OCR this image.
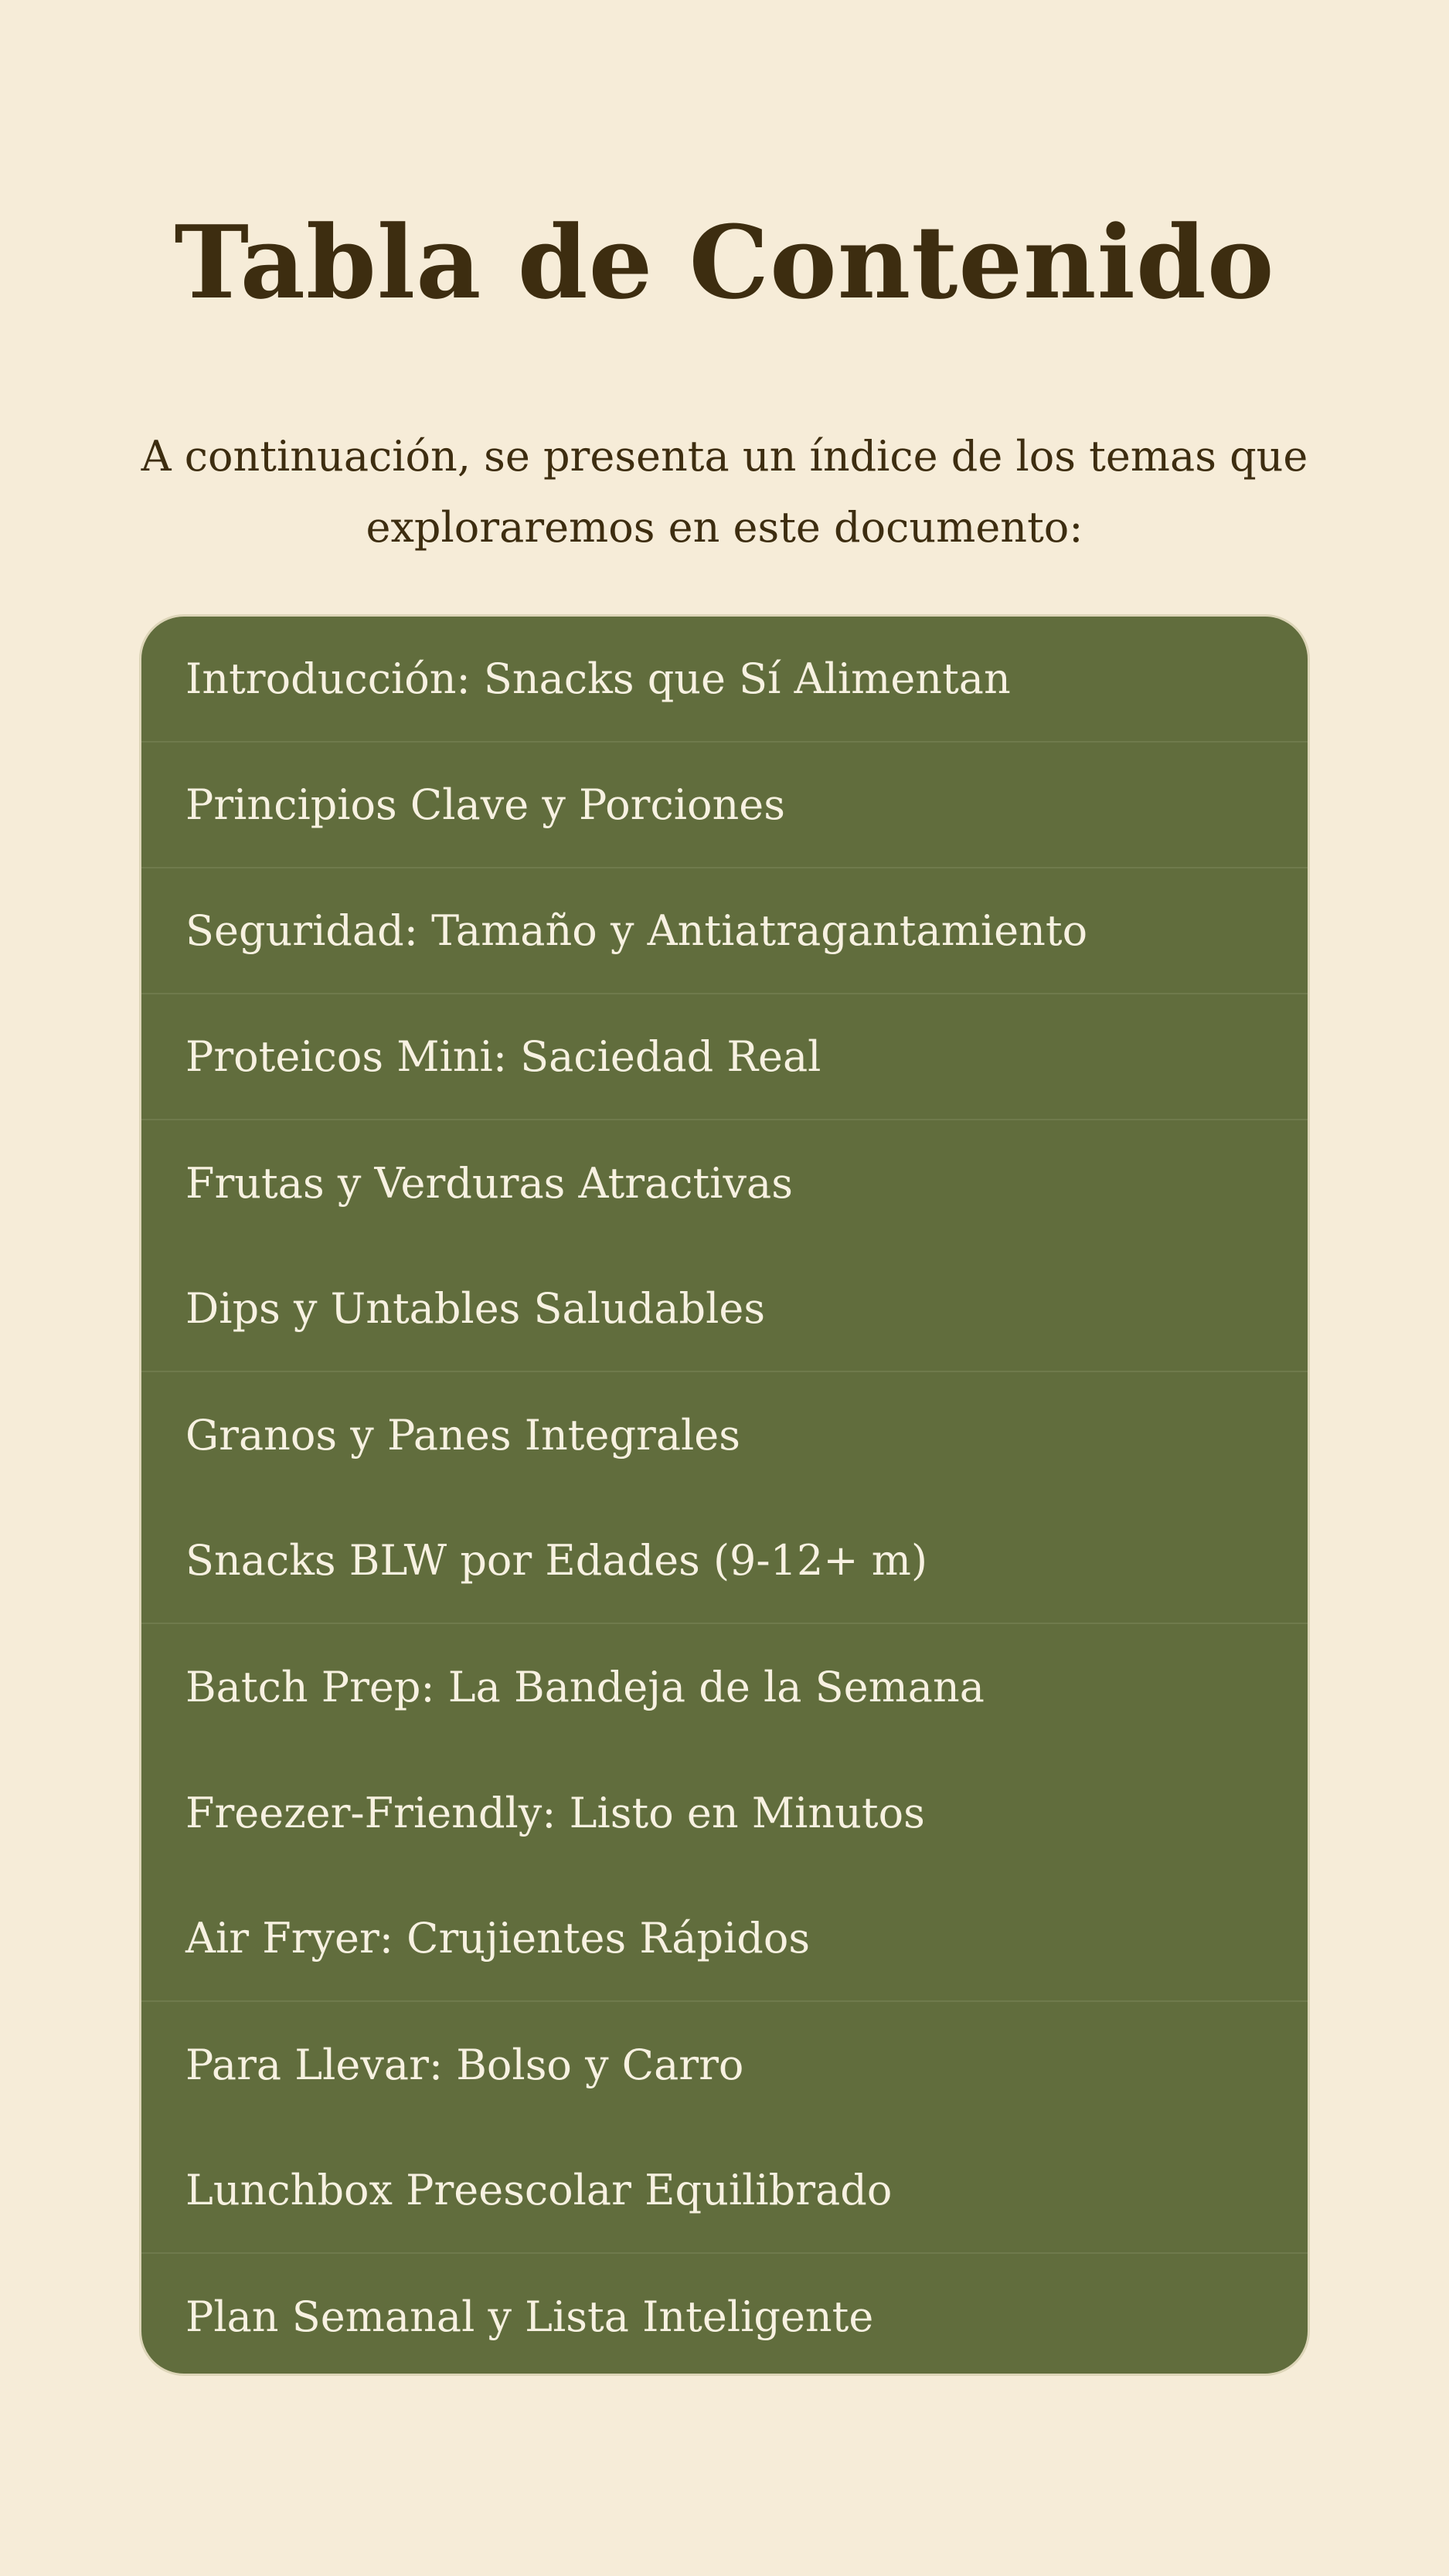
Tabla de Contenido

A continuación, se presenta un índice de los temas que exploraremos en este documento:

Introducción: Snacks que Sí Alimentan
Principios Clave y Porciones
Seguridad: Tamaño y Antiatragantamiento
Proteicos Mini: Saciedad Real
Frutas y Verduras Atractivas
Dips y Untables Saludables
Granos y Panes Integrales
Snacks BLW por Edades (9-12+ m)
Batch Prep: La Bandeja de la Semana
Freezer-Friendly: Listo en Minutos
Air Fryer: Crujientes Rápidos
Para Llevar: Bolso y Carro
Lunchbox Preescolar Equilibrado
Plan Semanal y Lista Inteligente
